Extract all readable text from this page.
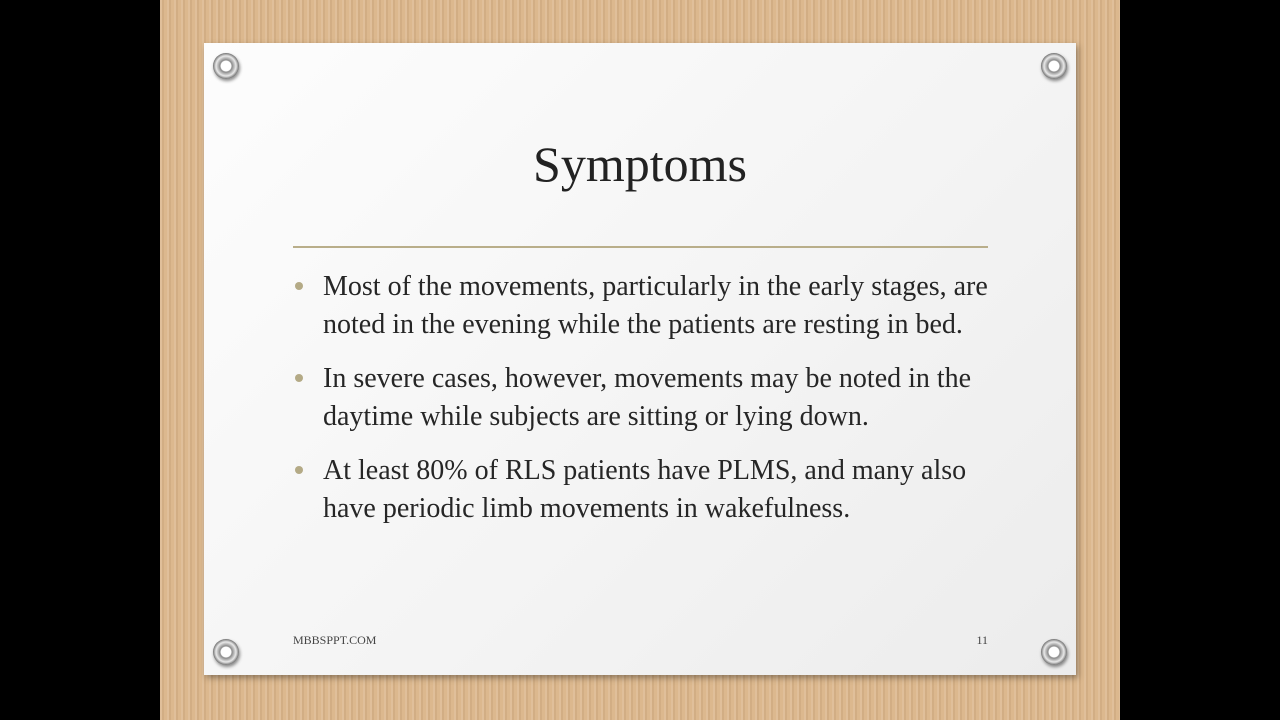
Symptoms
Most of the movements, particularly in the early stages, are noted in the evening while the patients are resting in bed.
In severe cases, however, movements may be noted in the daytime while subjects are sitting or lying down.
At least 80% of RLS patients have PLMS, and many also have periodic limb movements in wakefulness.
MBBSPPT.COM	11
